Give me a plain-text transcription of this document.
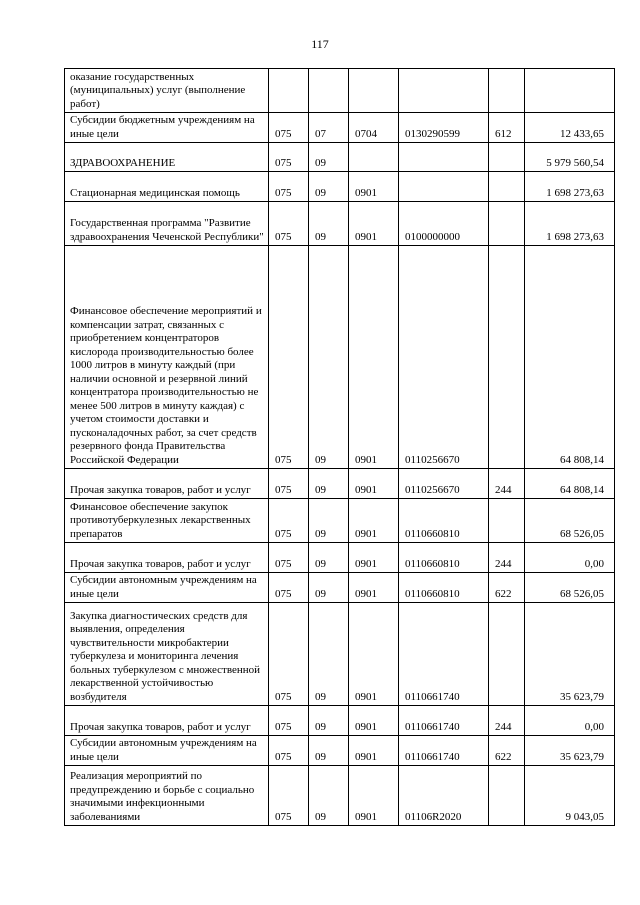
117
оказание государственных (муниципальных) услуг (выполнение работ)						
Субсидии бюджетным учреждениям на иные цели	075	07	0704	0130290599	612	12 433,65
ЗДРАВООХРАНЕНИЕ	075	09				5 979 560,54
Стационарная медицинская помощь	075	09	0901			1 698 273,63
Государственная программа "Развитие здравоохранения Чеченской Республики"	075	09	0901	0100000000		1 698 273,63
Финансовое обеспечение мероприятий и компенсации затрат, связанных с приобретением концентраторов кислорода производительностью более 1000 литров в минуту каждый (при наличии основной и резервной линий концентратора производительностью не менее 500 литров в минуту каждая) с учетом стоимости доставки и пусконаладочных работ, за счет средств резервного фонда Правительства Российской Федерации	075	09	0901	0110256670		64 808,14
Прочая закупка товаров, работ и услуг	075	09	0901	0110256670	244	64 808,14
Финансовое обеспечение закупок противотуберкулезных лекарственных препаратов	075	09	0901	0110660810		68 526,05
Прочая закупка товаров, работ и услуг	075	09	0901	0110660810	244	0,00
Субсидии автономным учреждениям на иные цели	075	09	0901	0110660810	622	68 526,05
Закупка диагностических средств для выявления, определения чувствительности микробактерии туберкулеза и мониторинга лечения больных туберкулезом с множественной лекарственной устойчивостью возбудителя	075	09	0901	0110661740		35 623,79
Прочая закупка товаров, работ и услуг	075	09	0901	0110661740	244	0,00
Субсидии автономным учреждениям на иные цели	075	09	0901	0110661740	622	35 623,79
Реализация мероприятий по предупреждению и борьбе с социально значимыми инфекционными заболеваниями	075	09	0901	01106R2020		9 043,05
